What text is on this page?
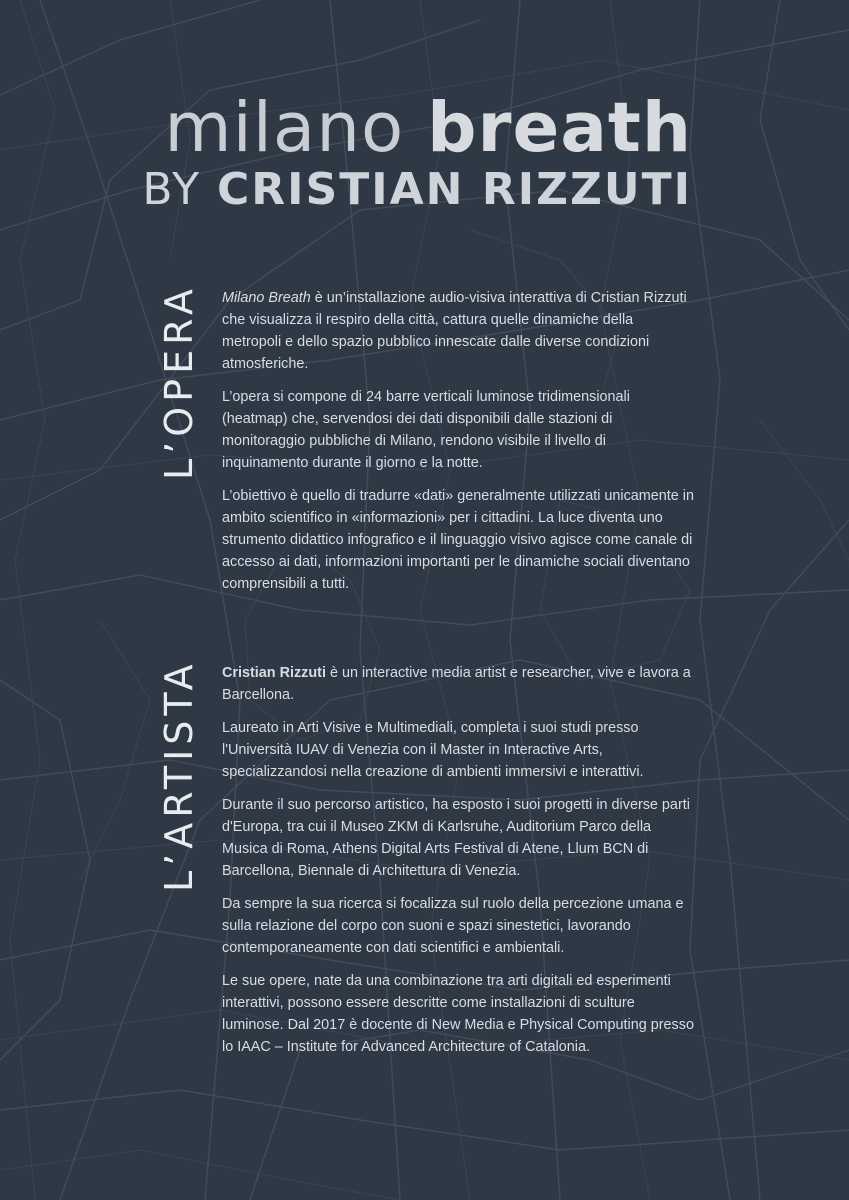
milano breath
BY CRISTIAN RIZZUTI
L’OPERA
L’ARTISTA

Milano Breath è un’installazione audio-visiva interattiva di Cristian Rizzuti che visualizza il respiro della città, cattura quelle dinamiche della metropoli e dello spazio pubblico innescate dalle diverse condizioni atmosferiche.

L’opera si compone di 24 barre verticali luminose tridimensionali (heatmap) che, servendosi dei dati disponibili dalle stazioni di monitoraggio pubbliche di Milano, rendono visibile il livello di inquinamento durante il giorno e la notte.

L’obiettivo è quello di tradurre «dati» generalmente utilizzati unicamente in ambito scientifico in «informazioni» per i cittadini. La luce diventa uno strumento didattico infografico e il linguaggio visivo agisce come canale di accesso ai dati, informazioni importanti per le dinamiche sociali diventano comprensibili a tutti.

Cristian Rizzuti è un interactive media artist e researcher, vive e lavora a Barcellona.

Laureato in Arti Visive e Multimediali, completa i suoi studi presso l'Università IUAV di Venezia con il Master in Interactive Arts, specializzandosi nella creazione di ambienti immersivi e interattivi.

Durante il suo percorso artistico, ha esposto i suoi progetti in diverse parti d'Europa, tra cui il Museo ZKM di Karlsruhe, Auditorium Parco della Musica di Roma, Athens Digital Arts Festival di Atene, Llum BCN di Barcellona, Biennale di Architettura di Venezia.

Da sempre la sua ricerca si focalizza sul ruolo della percezione umana e sulla relazione del corpo con suoni e spazi sinestetici, lavorando contemporaneamente con dati scientifici e ambientali.

Le sue opere, nate da una combinazione tra arti digitali ed esperimenti interattivi, possono essere descritte come installazioni di sculture luminose. Dal 2017 è docente di New Media e Physical Computing presso lo IAAC – Institute for Advanced Architecture of Catalonia.
